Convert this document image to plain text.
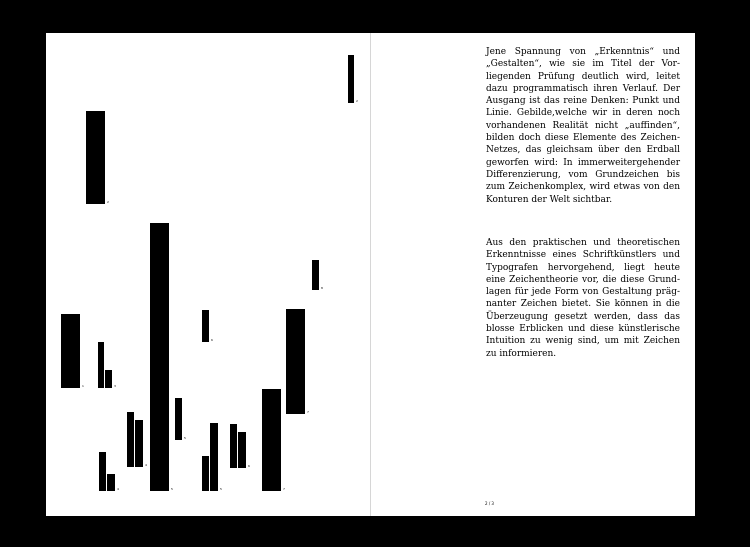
2
2
1	3
4
4
5
5
6
5
6
7
7
8

Jene Spannung von „Erkenntnis“ und „Gestalten“, wie sie im Titel der Vorliegenden Prüfung deutlich wird, leitet dazu programmatisch ihren Verlauf. Der Ausgang ist das reine Denken: Punkt und Linie. Gebilde,welche wir in deren noch vorhandenen Realität nicht „auffinden“, bilden doch diese Elemente des Zeichen-Netzes, das gleichsam über den Erdball geworfen wird: In immerweitergehender Differenzierung, vom Grundzeichen bis zum Zeichenkomplex, wird etwas von den Konturen der Welt sichtbar.

Aus den praktischen und theoretischen Erkenntnisse eines Schriftkünstlers und Typografen hervorgehend, liegt heute eine Zeichentheorie vor, die diese Grundlagen für jede Form von Gestaltung prägnanter Zeichen bietet. Sie können in die Überzeugung gesetzt werden, dass das blosse Erblicken und diese künstlerische Intuition zu wenig sind, um mit Zeichen zu informieren.

2 / 3
